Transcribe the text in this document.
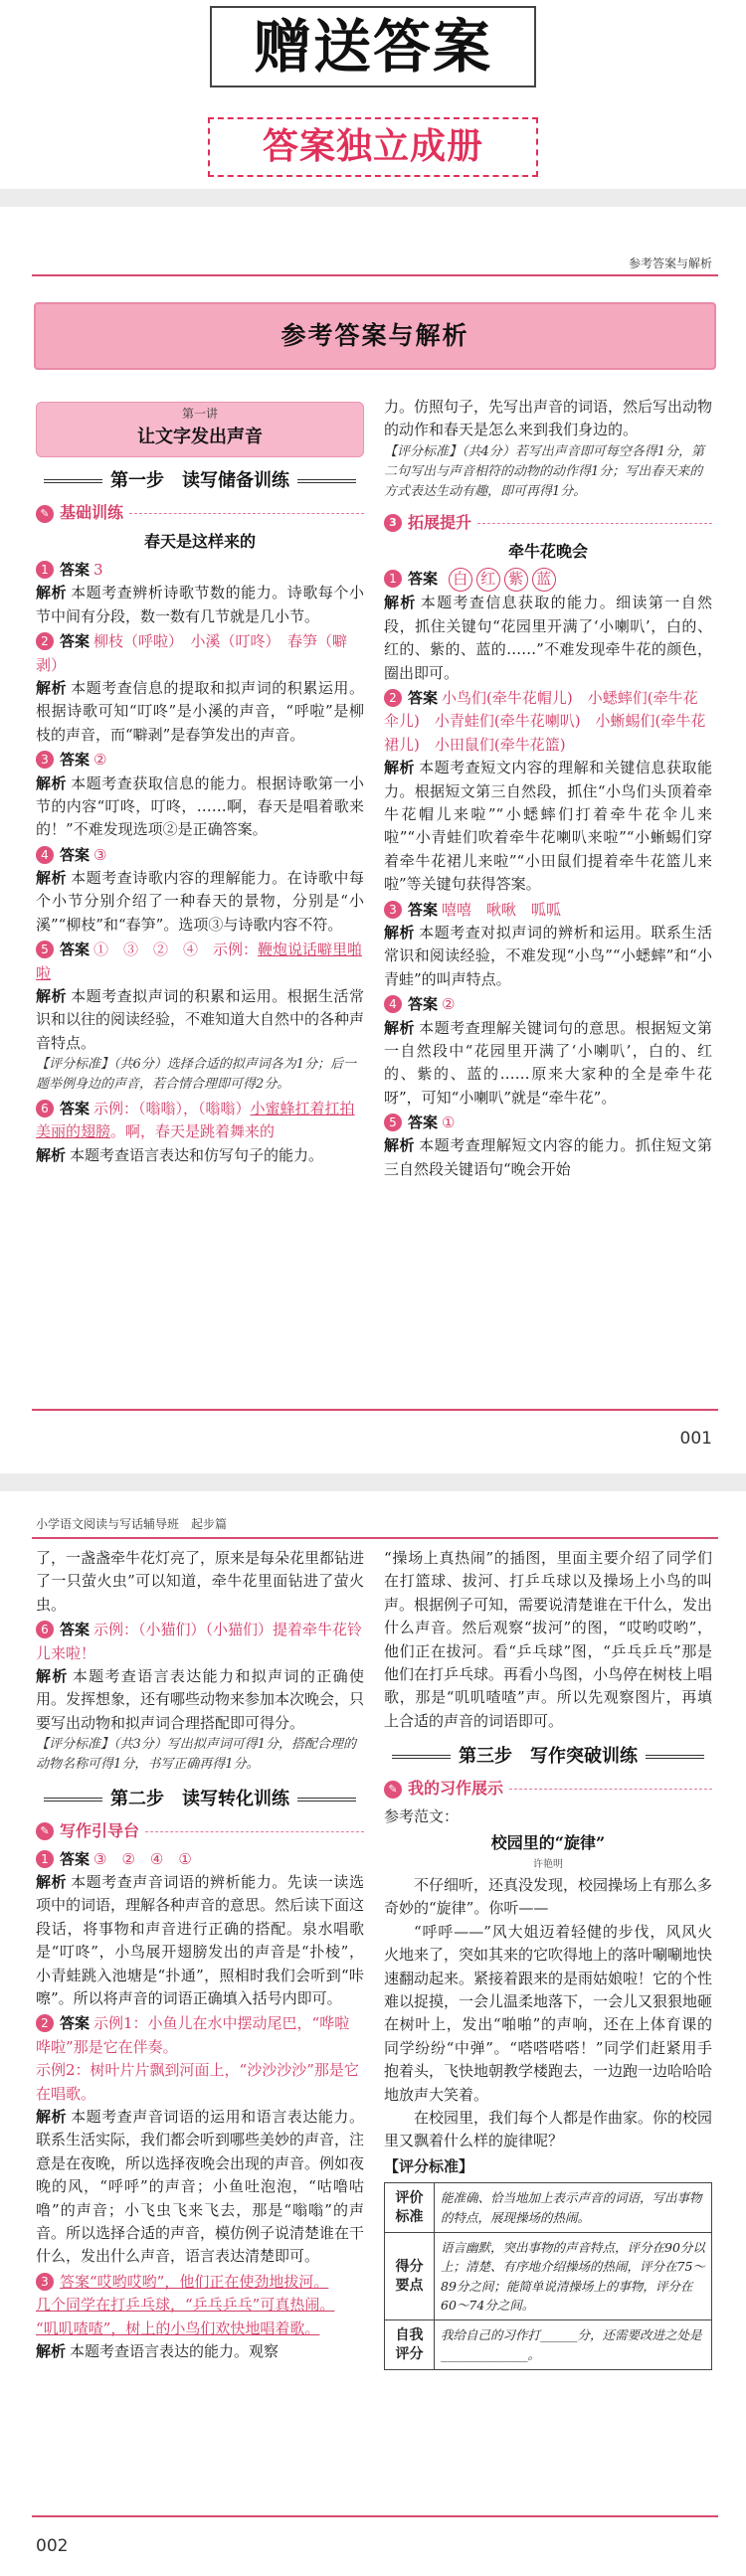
赠送答案
答案独立成册
参考答案与解析
参考答案与解析
第一讲
让文字发出声音
第一步　读写储备训练
✎ 基础训练
春天是这样来的
1 答案 3
解析 本题考查辨析诗歌节数的能力。诗歌每个小节中间有分段，数一数有几节就是几小节。
2 答案 柳枝（呼啦）　小溪（叮咚）　春笋（噼剥）
解析 本题考查信息的提取和拟声词的积累运用。根据诗歌可知“叮咚”是小溪的声音，“呼啦”是柳枝的声音，而“噼剥”是春笋发出的声音。
3 答案 ②
解析 本题考查获取信息的能力。根据诗歌第一小节的内容“叮咚，叮咚，……啊，春天是唱着歌来的！”不难发现选项②是正确答案。
4 答案 ③
解析 本题考查诗歌内容的理解能力。在诗歌中每个小节分别介绍了一种春天的景物，分别是“小溪”“柳枝”和“春笋”。选项③与诗歌内容不符。
5 答案 ①　③　②　④　示例：鞭炮说话噼里啪啦
解析 本题考查拟声词的积累和运用。根据生活常识和以往的阅读经验，不难知道大自然中的各种声音特点。
【评分标准】（共6分）选择合适的拟声词各为1分；后一题举例身边的声音，若合情合理即可得2分。
6 答案 示例：（嗡嗡），（嗡嗡）小蜜蜂扛着扛拍美丽的翅膀。啊，春天是跳着舞来的
解析 本题考查语言表达和仿写句子的能力。
力。仿照句子，先写出声音的词语，然后写出动物的动作和春天是怎么来到我们身边的。
【评分标准】（共4分）若写出声音即可每空各得1分，第二句写出与声音相符的动物的动作得1分；写出春天来的方式表达生动有趣，即可再得1分。
3 拓展提升
牵牛花晚会
1 答案 白 红 紫 蓝
解析 本题考查信息获取的能力。细读第一自然段，抓住关键句“花园里开满了‘小喇叭’，白的、红的、紫的、蓝的……”不难发现牵牛花的颜色，圈出即可。
2 答案 小鸟们(牵牛花帽儿)　小蟋蟀们(牵牛花伞儿)　小青蛙们(牵牛花喇叭)　小蜥蜴们(牵牛花裙儿)　小田鼠们(牵牛花篮)
解析 本题考查短文内容的理解和关键信息获取能力。根据短文第三自然段，抓住“小鸟们头顶着牵牛花帽儿来啦”“小蟋蟀们打着牵牛花伞儿来啦”“小青蛙们吹着牵牛花喇叭来啦”“小蜥蜴们穿着牵牛花裙儿来啦”“小田鼠们提着牵牛花篮儿来啦”等关键句获得答案。
3 答案 嘻嘻　啾啾　呱呱
解析 本题考查对拟声词的辨析和运用。联系生活常识和阅读经验，不难发现“小鸟”“小蟋蟀”和“小青蛙”的叫声特点。
4 答案 ②
解析 本题考查理解关键词句的意思。根据短文第一自然段中“花园里开满了‘小喇叭’，白的、红的、紫的、蓝的……原来大家种的全是牵牛花呀”，可知“小喇叭”就是“牵牛花”。
5 答案 ①
解析 本题考查理解短文内容的能力。抓住短文第三自然段关键语句“晚会开始
001
小学语文阅读与写话辅导班　起步篇
了，一盏盏牵牛花灯亮了，原来是每朵花里都钻进了一只萤火虫”可以知道，牵牛花里面钻进了萤火虫。
6 答案 示例：（小猫们）（小猫们）提着牵牛花铃儿来啦！
解析 本题考查语言表达能力和拟声词的正确使用。发挥想象，还有哪些动物来参加本次晚会，只要写出动物和拟声词合理搭配即可得分。
【评分标准】（共3分）写出拟声词可得1分，搭配合理的动物名称可得1分，书写正确再得1分。
第二步　读写转化训练
✎ 写作引导台
1 答案 ③　②　④　①
解析 本题考查声音词语的辨析能力。先读一读选项中的词语，理解各种声音的意思。然后读下面这段话，将事物和声音进行正确的搭配。泉水唱歌是“叮咚”，小鸟展开翅膀发出的声音是“扑棱”，小青蛙跳入池塘是“扑通”，照相时我们会听到“咔嚓”。所以将声音的词语正确填入括号内即可。
2 答案 示例1：小鱼儿在水中摆动尾巴，“哗啦哗啦”那是它在伴奏。
示例2：树叶片片飘到河面上，“沙沙沙沙”那是它在唱歌。
解析 本题考查声音词语的运用和语言表达能力。联系生活实际，我们都会听到哪些美妙的声音，注意是在夜晚，所以选择夜晚会出现的声音。例如夜晚的风，“呼呼”的声音；小鱼吐泡泡，“咕噜咕噜”的声音；小飞虫飞来飞去，那是“嗡嗡”的声音。所以选择合适的声音，模仿例子说清楚谁在干什么，发出什么声音，语言表达清楚即可。
3 答案“哎哟哎哟”，他们正在使劲地拔河。
几个同学在打乒乓球，“乒乓乒乓”可真热闹。
“叽叽喳喳”，树上的小鸟们欢快地唱着歌。
解析 本题考查语言表达的能力。观察
“操场上真热闹”的插图，里面主要介绍了同学们在打篮球、拔河、打乒乓球以及操场上小鸟的叫声。根据例子可知，需要说清楚谁在干什么，发出什么声音。然后观察“拔河”的图，“哎哟哎哟”，他们正在拔河。看“乒乓球”图，“乒乓乒乓”那是他们在打乒乓球。再看小鸟图，小鸟停在树枝上唱歌，那是“叽叽喳喳”声。所以先观察图片，再填上合适的声音的词语即可。
第三步　写作突破训练
✎ 我的习作展示
参考范文：
校园里的“旋律”
许艳明

不仔细听，还真没发现，校园操场上有那么多奇妙的“旋律”。你听——

“呼呼——”风大姐迈着轻健的步伐，风风火火地来了，突如其来的它吹得地上的落叶唰唰地快速翻动起来。紧接着跟来的是雨姑娘啦！它的个性难以捉摸，一会儿温柔地落下，一会儿又狠狠地砸在树叶上，发出“啪啪”的声响，还在上体育课的同学纷纷“中弹”。“嗒嗒嗒嗒！”同学们赶紧用手抱着头，飞快地朝教学楼跑去，一边跑一边哈哈哈地放声大笑着。

在校园里，我们每个人都是作曲家。你的校园里又飘着什么样的旋律呢？

【评分标准】
评价标准	能准确、恰当地加上表示声音的词语，写出事物的特点，展现操场的热闹。
得分要点	语言幽默，突出事物的声音特点，评分在90分以上；清楚、有序地介绍操场的热闹，评分在75～89分之间；能简单说清操场上的事物，评分在60～74分之间。
自我评分	我给自己的习作打______分，还需要改进之处是______________。
002
